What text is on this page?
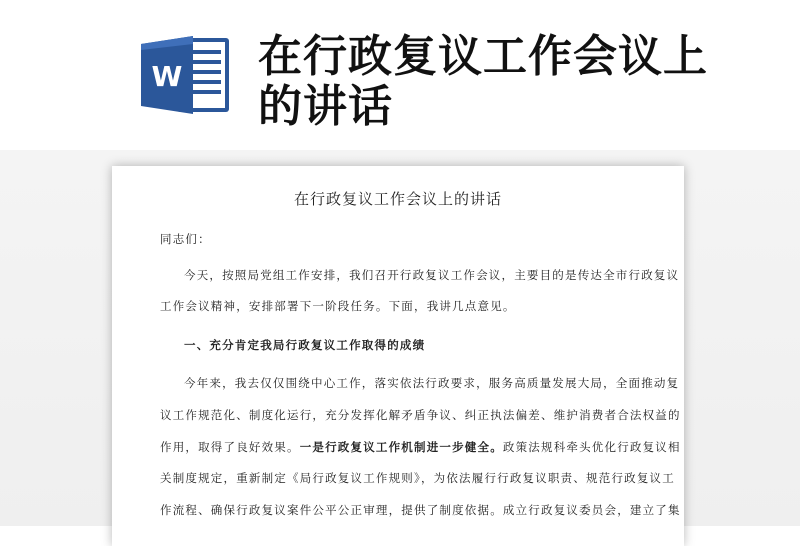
W 在行政复议工作会议上的讲话
在行政复议工作会议上的讲话
同志们：
今天，按照局党组工作安排，我们召开行政复议工作会议，主要目的是传达全市行政复议
工作会议精神，安排部署下一阶段任务。下面，我讲几点意见。
一、充分肯定我局行政复议工作取得的成绩
今年来，我去仅仅围绕中心工作，落实依法行政要求，服务高质量发展大局，全面推动复
议工作规范化、制度化运行，充分发挥化解矛盾争议、纠正执法偏差、维护消费者合法权益的
作用，取得了良好效果。一是行政复议工作机制进一步健全。政策法规科牵头优化行政复议相
关制度规定，重新制定《局行政复议工作规则》，为依法履行行政复议职责、规范行政复议工
作流程、确保行政复议案件公平公正审理，提供了制度依据。成立行政复议委员会，建立了集
